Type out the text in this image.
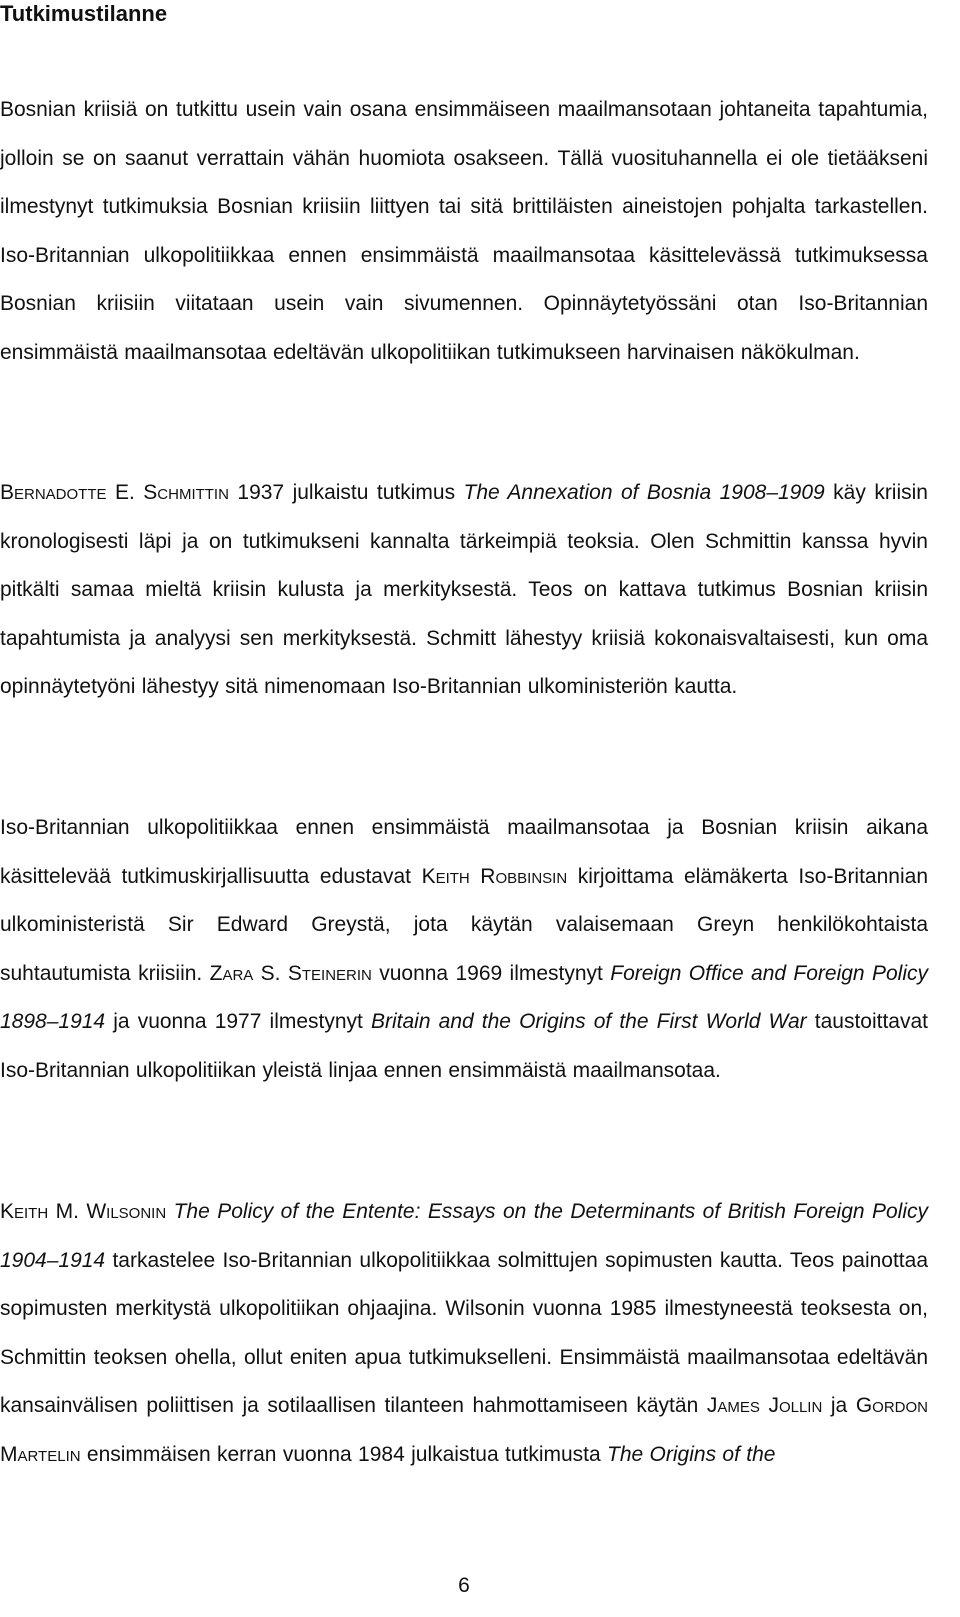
Tutkimustilanne

Bosnian kriisiä on tutkittu usein vain osana ensimmäiseen maailmansotaan johtaneita tapahtumia, jolloin se on saanut verrattain vähän huomiota osakseen. Tällä vuosituhannella ei ole tietääkseni ilmestynyt tutkimuksia Bosnian kriisiin liittyen tai sitä brittiläisten aineistojen pohjalta tarkastellen. Iso-Britannian ulkopolitiikkaa ennen ensimmäistä maailmansotaa käsittelevässä tutkimuksessa Bosnian kriisiin viitataan usein vain sivumennen. Opinnäytetyössäni otan Iso-Britannian ensimmäistä maailmansotaa edeltävän ulkopolitiikan tutkimukseen harvinaisen näkökulman.

Bernadotte E. Schmittin 1937 julkaistu tutkimus The Annexation of Bosnia 1908–1909 käy kriisin kronologisesti läpi ja on tutkimukseni kannalta tärkeimpiä teoksia. Olen Schmittin kanssa hyvin pitkälti samaa mieltä kriisin kulusta ja merkityksestä. Teos on kattava tutkimus Bosnian kriisin tapahtumista ja analyysi sen merkityksestä. Schmitt lähestyy kriisiä kokonaisvaltaisesti, kun oma opinnäytetyöni lähestyy sitä nimenomaan Iso-Britannian ulkoministeriön kautta.

Iso-Britannian ulkopolitiikkaa ennen ensimmäistä maailmansotaa ja Bosnian kriisin aikana käsittelevää tutkimuskirjallisuutta edustavat Keith Robbinsin kirjoittama elämäkerta Iso-Britannian ulkoministeristä Sir Edward Greystä, jota käytän valaisemaan Greyn henkilökohtaista suhtautumista kriisiin. Zara S. Steinerin vuonna 1969 ilmestynyt Foreign Office and Foreign Policy 1898–1914 ja vuonna 1977 ilmestynyt Britain and the Origins of the First World War taustoittavat Iso-Britannian ulkopolitiikan yleistä linjaa ennen ensimmäistä maailmansotaa.

Keith M. Wilsonin The Policy of the Entente: Essays on the Determinants of British Foreign Policy 1904–1914 tarkastelee Iso-Britannian ulkopolitiikkaa solmittujen sopimusten kautta. Teos painottaa sopimusten merkitystä ulkopolitiikan ohjaajina. Wilsonin vuonna 1985 ilmestyneestä teoksesta on, Schmittin teoksen ohella, ollut eniten apua tutkimukselleni. Ensimmäistä maailmansotaa edeltävän kansainvälisen poliittisen ja sotilaallisen tilanteen hahmottamiseen käytän James Jollin ja Gordon Martelin ensimmäisen kerran vuonna 1984 julkaistua tutkimusta The Origins of the

6
